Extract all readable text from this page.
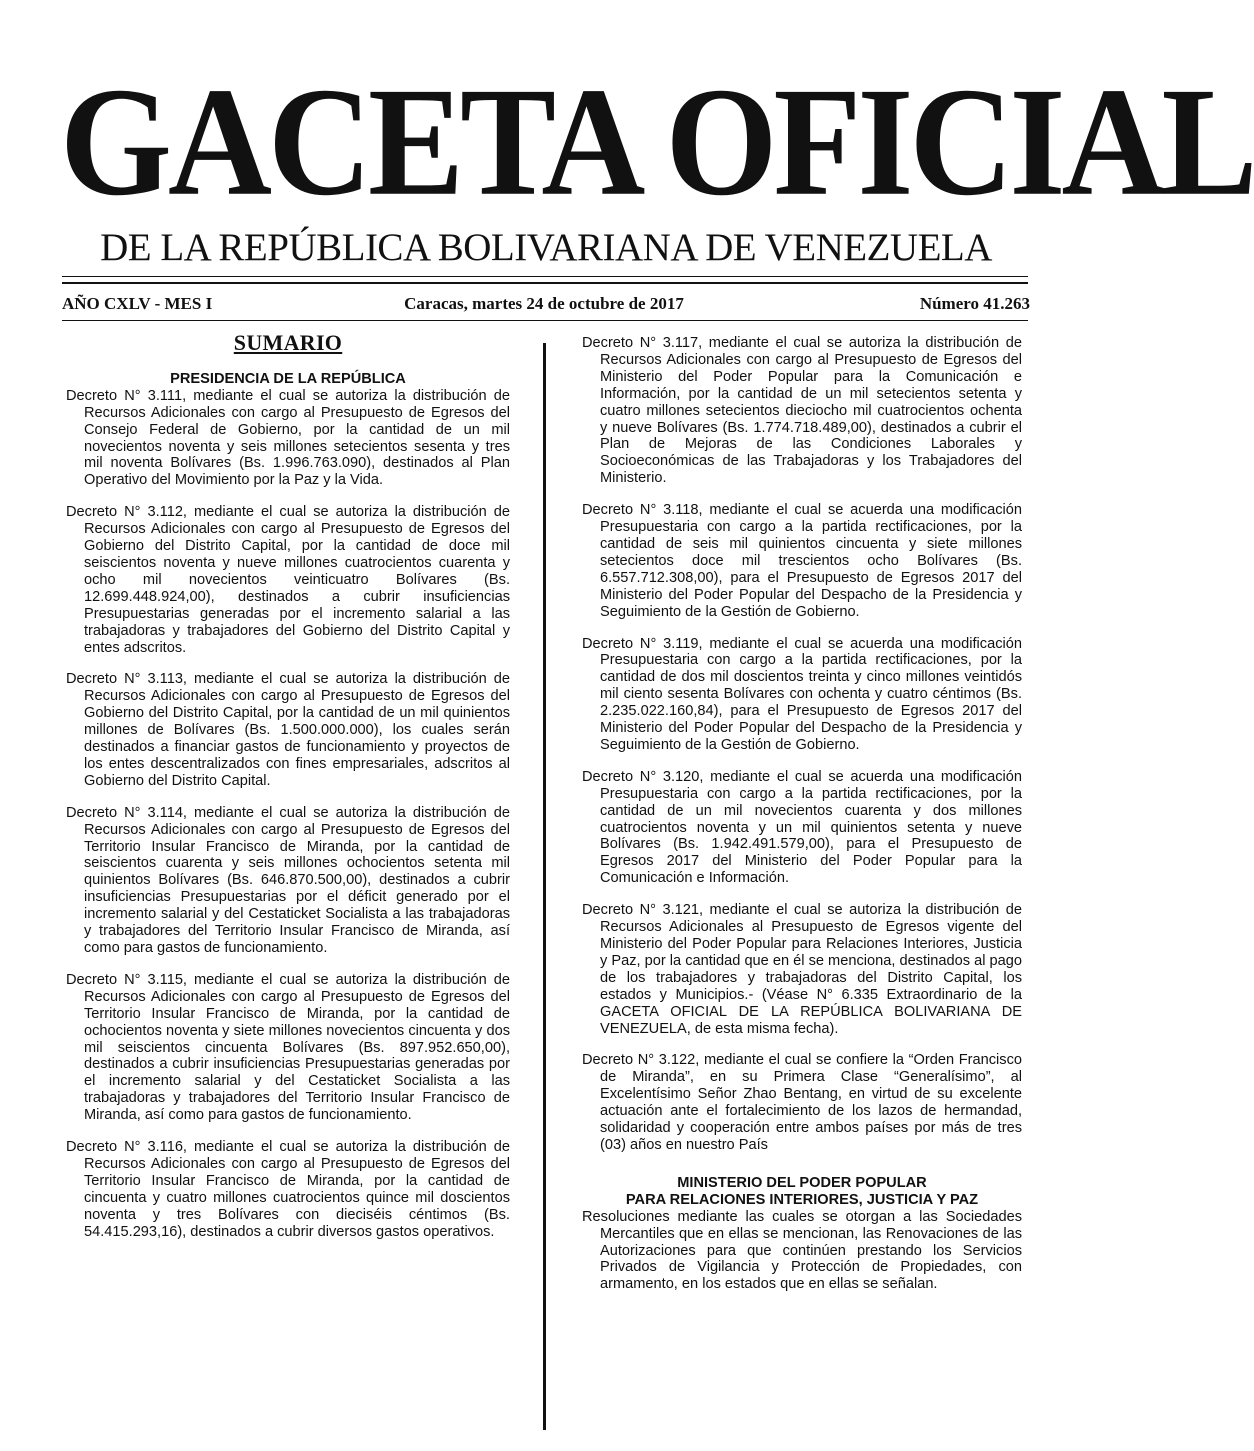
GACETA OFICIAL
DE LA REPÚBLICA BOLIVARIANA DE VENEZUELA
AÑO CXLV - MES I	Caracas, martes 24 de octubre de 2017	Número 41.263
SUMARIO
PRESIDENCIA DE LA REPÚBLICA

Decreto N° 3.111, mediante el cual se autoriza la distribución de Recursos Adicionales con cargo al Presupuesto de Egresos del Consejo Federal de Gobierno, por la cantidad de un mil novecientos noventa y seis millones setecientos sesenta y tres mil noventa Bolívares (Bs. 1.996.763.090), destinados al Plan Operativo del Movimiento por la Paz y la Vida.

Decreto N° 3.112, mediante el cual se autoriza la distribución de Recursos Adicionales con cargo al Presupuesto de Egresos del Gobierno del Distrito Capital, por la cantidad de doce mil seiscientos noventa y nueve millones cuatrocientos cuarenta y ocho mil novecientos veinticuatro Bolívares (Bs. 12.699.448.924,00), destinados a cubrir insuficiencias Presupuestarias generadas por el incremento salarial a las trabajadoras y trabajadores del Gobierno del Distrito Capital y entes adscritos.

Decreto N° 3.113, mediante el cual se autoriza la distribución de Recursos Adicionales con cargo al Presupuesto de Egresos del Gobierno del Distrito Capital, por la cantidad de un mil quinientos millones de Bolívares (Bs. 1.500.000.000), los cuales serán destinados a financiar gastos de funcionamiento y proyectos de los entes descentralizados con fines empresariales, adscritos al Gobierno del Distrito Capital.

Decreto N° 3.114, mediante el cual se autoriza la distribución de Recursos Adicionales con cargo al Presupuesto de Egresos del Territorio Insular Francisco de Miranda, por la cantidad de seiscientos cuarenta y seis millones ochocientos setenta mil quinientos Bolívares (Bs. 646.870.500,00), destinados a cubrir insuficiencias Presupuestarias por el déficit generado por el incremento salarial y del Cestaticket Socialista a las trabajadoras y trabajadores del Territorio Insular Francisco de Miranda, así como para gastos de funcionamiento.

Decreto N° 3.115, mediante el cual se autoriza la distribución de Recursos Adicionales con cargo al Presupuesto de Egresos del Territorio Insular Francisco de Miranda, por la cantidad de ochocientos noventa y siete millones novecientos cincuenta y dos mil seiscientos cincuenta Bolívares (Bs. 897.952.650,00), destinados a cubrir insuficiencias Presupuestarias generadas por el incremento salarial y del Cestaticket Socialista a las trabajadoras y trabajadores del Territorio Insular Francisco de Miranda, así como para gastos de funcionamiento.

Decreto N° 3.116, mediante el cual se autoriza la distribución de Recursos Adicionales con cargo al Presupuesto de Egresos del Territorio Insular Francisco de Miranda, por la cantidad de cincuenta y cuatro millones cuatrocientos quince mil doscientos noventa y tres Bolívares con dieciséis céntimos (Bs. 54.415.293,16), destinados a cubrir diversos gastos operativos.

Decreto N° 3.117, mediante el cual se autoriza la distribución de Recursos Adicionales con cargo al Presupuesto de Egresos del Ministerio del Poder Popular para la Comunicación e Información, por la cantidad de un mil setecientos setenta y cuatro millones setecientos dieciocho mil cuatrocientos ochenta y nueve Bolívares (Bs. 1.774.718.489,00), destinados a cubrir el Plan de Mejoras de las Condiciones Laborales y Socioeconómicas de las Trabajadoras y los Trabajadores del Ministerio.

Decreto N° 3.118, mediante el cual se acuerda una modificación Presupuestaria con cargo a la partida rectificaciones, por la cantidad de seis mil quinientos cincuenta y siete millones setecientos doce mil trescientos ocho Bolívares (Bs. 6.557.712.308,00), para el Presupuesto de Egresos 2017 del Ministerio del Poder Popular del Despacho de la Presidencia y Seguimiento de la Gestión de Gobierno.

Decreto N° 3.119, mediante el cual se acuerda una modificación Presupuestaria con cargo a la partida rectificaciones, por la cantidad de dos mil doscientos treinta y cinco millones veintidós mil ciento sesenta Bolívares con ochenta y cuatro céntimos (Bs. 2.235.022.160,84), para el Presupuesto de Egresos 2017 del Ministerio del Poder Popular del Despacho de la Presidencia y Seguimiento de la Gestión de Gobierno.

Decreto N° 3.120, mediante el cual se acuerda una modificación Presupuestaria con cargo a la partida rectificaciones, por la cantidad de un mil novecientos cuarenta y dos millones cuatrocientos noventa y un mil quinientos setenta y nueve Bolívares (Bs. 1.942.491.579,00), para el Presupuesto de Egresos 2017 del Ministerio del Poder Popular para la Comunicación e Información.

Decreto N° 3.121, mediante el cual se autoriza la distribución de Recursos Adicionales al Presupuesto de Egresos vigente del Ministerio del Poder Popular para Relaciones Interiores, Justicia y Paz, por la cantidad que en él se menciona, destinados al pago de los trabajadores y trabajadoras del Distrito Capital, los estados y Municipios.- (Véase N° 6.335 Extraordinario de la GACETA OFICIAL DE LA REPÚBLICA BOLIVARIANA DE VENEZUELA, de esta misma fecha).

Decreto N° 3.122, mediante el cual se confiere la “Orden Francisco de Miranda”, en su Primera Clase “Generalísimo”, al Excelentísimo Señor Zhao Bentang, en virtud de su excelente actuación ante el fortalecimiento de los lazos de hermandad, solidaridad y cooperación entre ambos países por más de tres (03) años en nuestro País

MINISTERIO DEL PODER POPULAR
PARA RELACIONES INTERIORES, JUSTICIA Y PAZ

Resoluciones mediante las cuales se otorgan a las Sociedades Mercantiles que en ellas se mencionan, las Renovaciones de las Autorizaciones para que continúen prestando los Servicios Privados de Vigilancia y Protección de Propiedades, con armamento, en los estados que en ellas se señalan.
